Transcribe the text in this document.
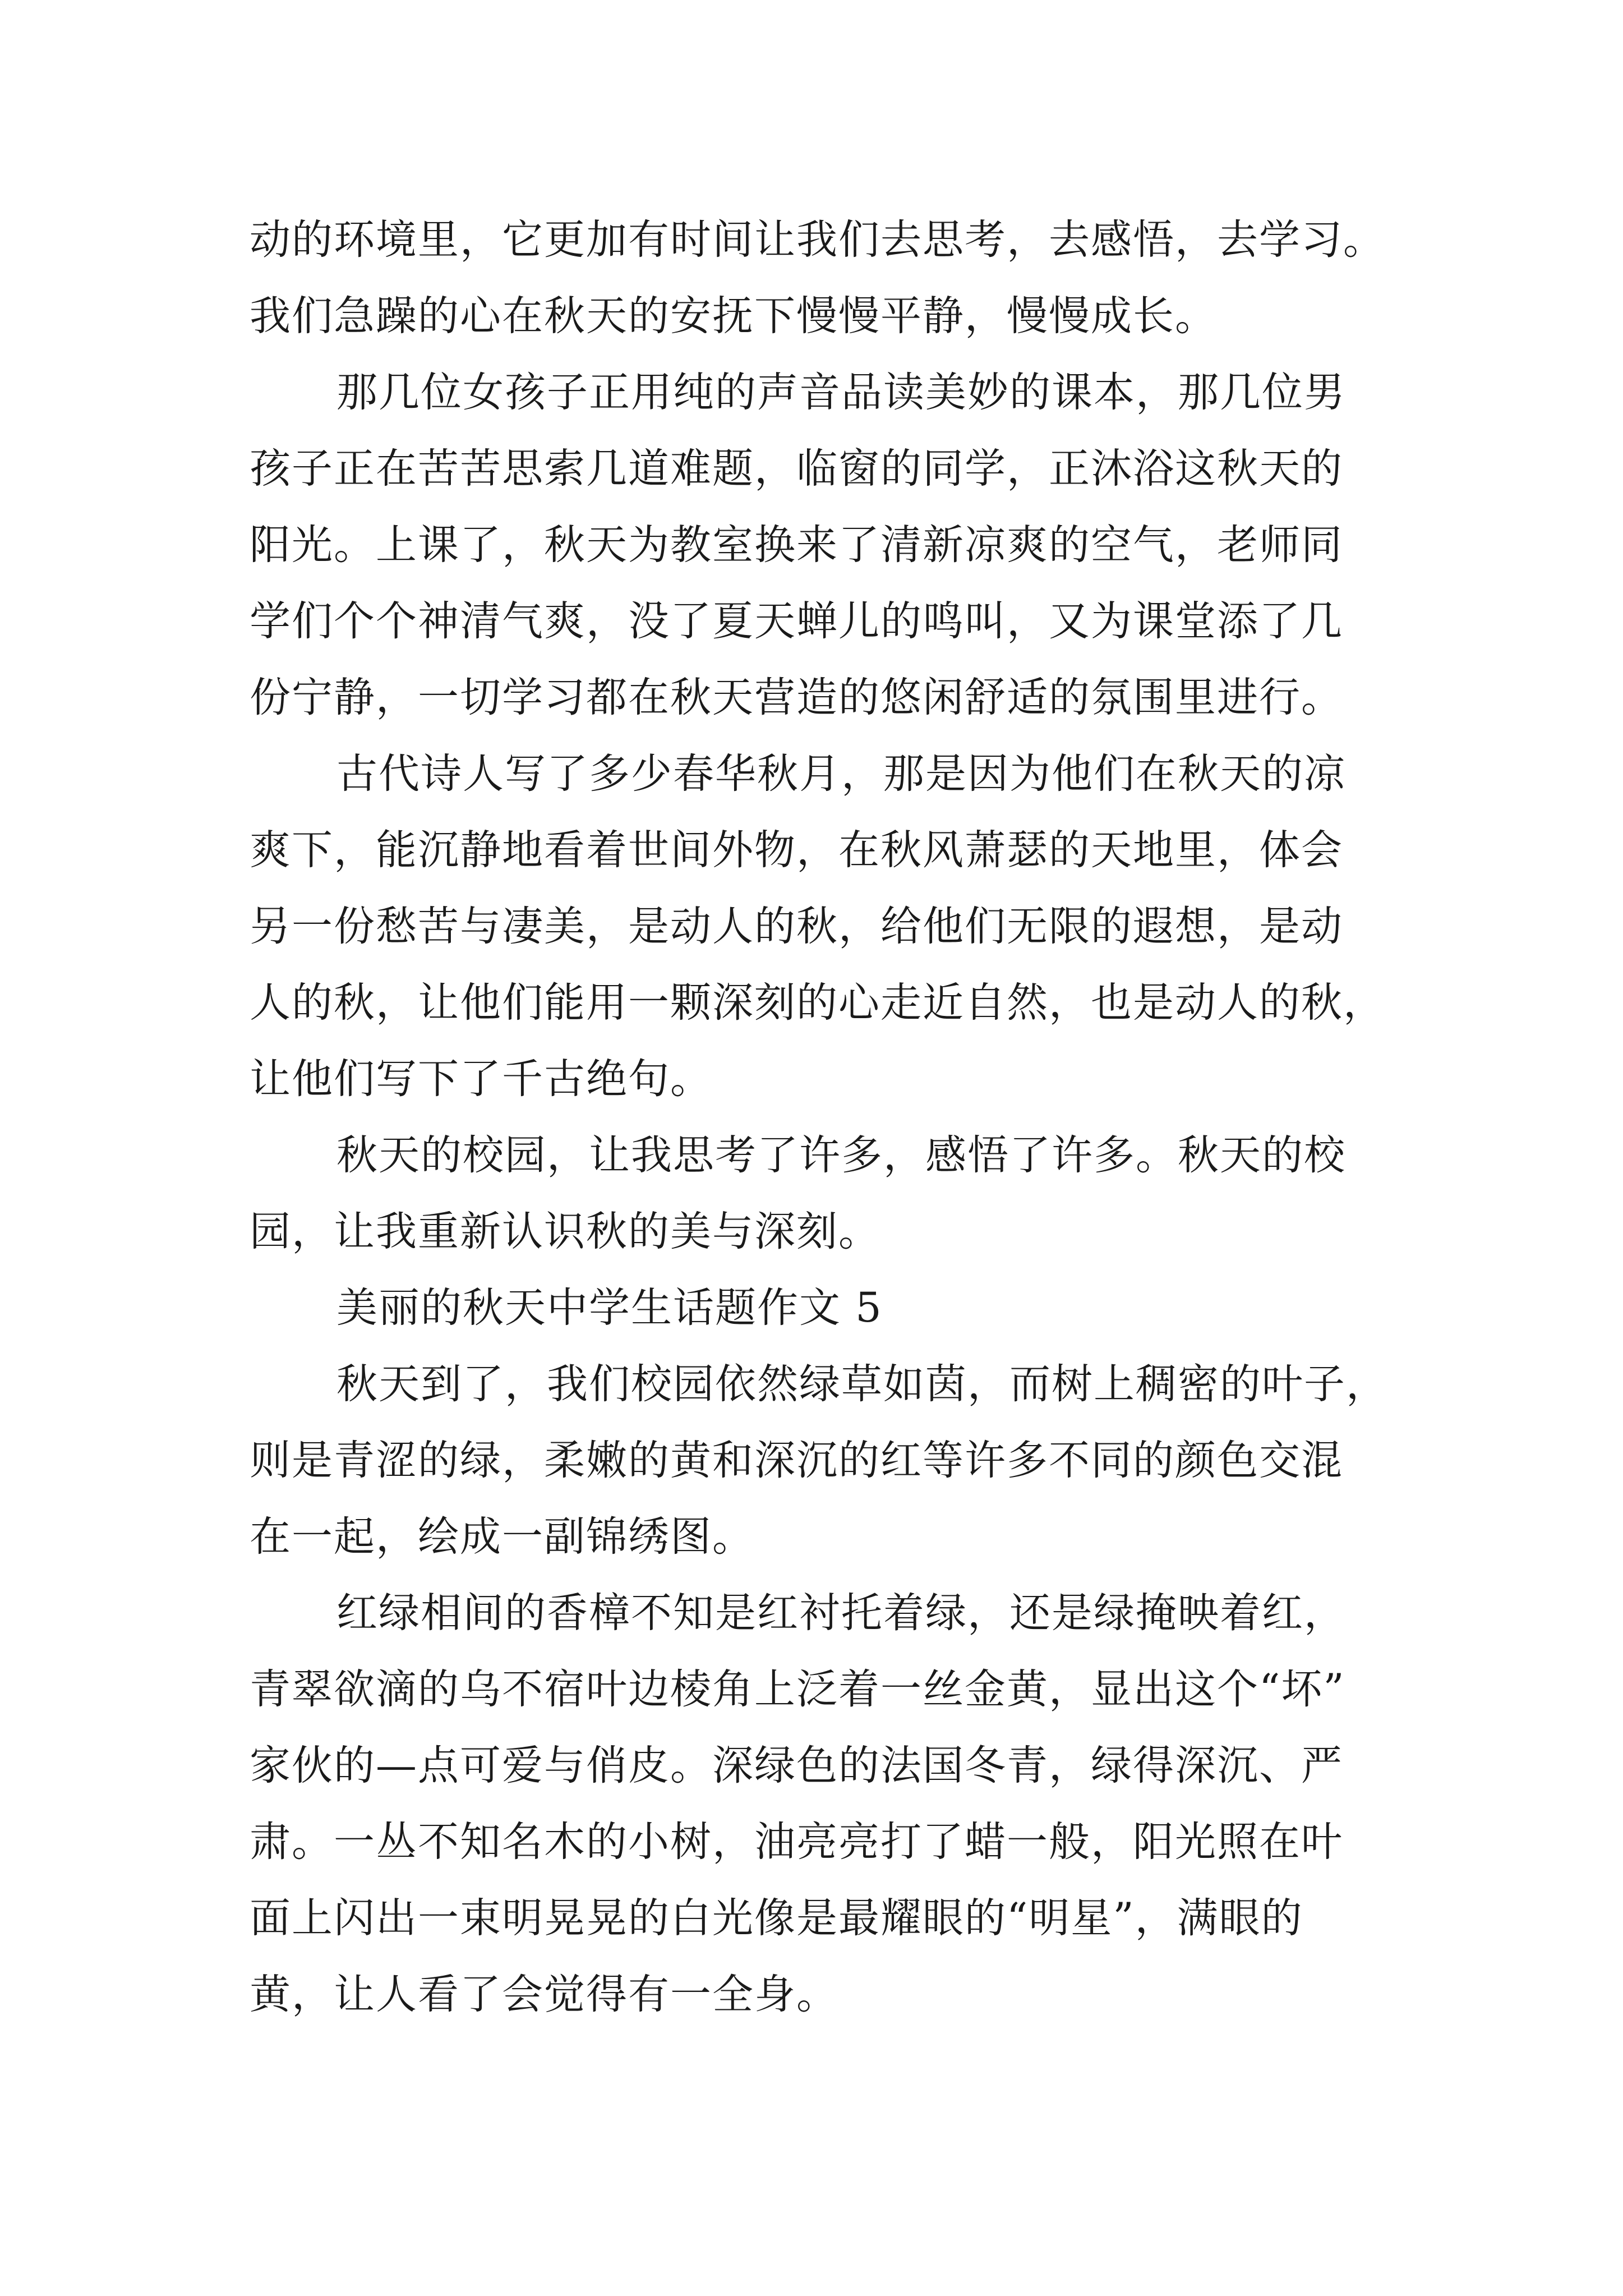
动的环境里，它更加有时间让我们去思考，去感悟，去学习。
我们急躁的心在秋天的安抚下慢慢平静，慢慢成长。
那几位女孩子正用纯的声音品读美妙的课本，那几位男
孩子正在苦苦思索几道难题，临窗的同学，正沐浴这秋天的
阳光。上课了，秋天为教室换来了清新凉爽的空气，老师同
学们个个神清气爽，没了夏天蝉儿的鸣叫，又为课堂添了几
份宁静，一切学习都在秋天营造的悠闲舒适的氛围里进行。
古代诗人写了多少春华秋月，那是因为他们在秋天的凉
爽下，能沉静地看着世间外物，在秋风萧瑟的天地里，体会
另一份愁苦与凄美，是动人的秋，给他们无限的遐想，是动
人的秋，让他们能用一颗深刻的心走近自然，也是动人的秋，
让他们写下了千古绝句。
秋天的校园，让我思考了许多，感悟了许多。秋天的校
园，让我重新认识秋的美与深刻。
美丽的秋天中学生话题作文 5
秋天到了，我们校园依然绿草如茵，而树上稠密的叶子，
则是青涩的绿，柔嫩的黄和深沉的红等许多不同的颜色交混
在一起，绘成一副锦绣图。
红绿相间的香樟不知是红衬托着绿，还是绿掩映着红，
青翠欲滴的乌不宿叶边棱角上泛着一丝金黄，显出这个“坏”
家伙的—点可爱与俏皮。深绿色的法国冬青，绿得深沉、严
肃。一丛不知名木的小树，油亮亮打了蜡一般，阳光照在叶
面上闪出一束明晃晃的白光像是最耀眼的“明星”，满眼的
黄，让人看了会觉得有一全身。
